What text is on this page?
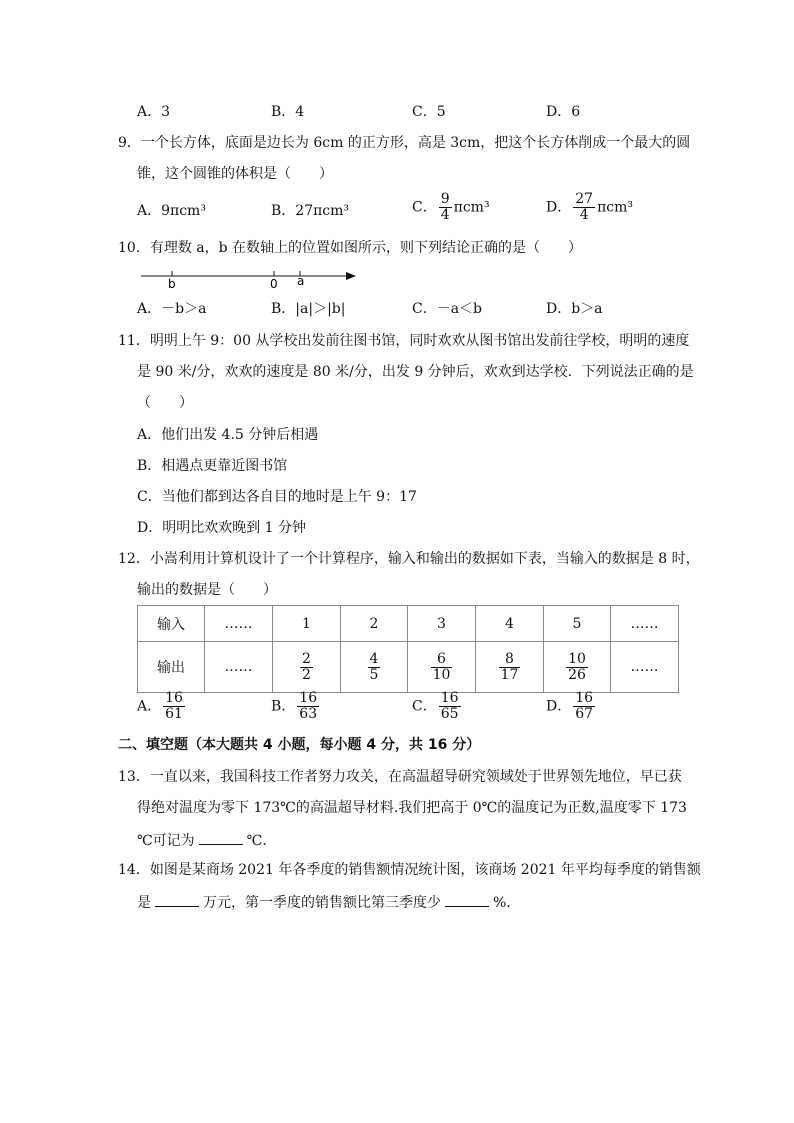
A．3	B．4	C．5	D．6
9．一个长方体，底面是边长为 6cm 的正方形，高是 3cm，把这个长方体削成一个最大的圆
锥，这个圆锥的体积是（　　）
A．9πcm³	B．27πcm³	C． $\frac{9}{4} \pi cm^3$	D． $\frac{27}{4} \pi cm^3$
10．有理数 a，b 在数轴上的位置如图所示，则下列结论正确的是（　　）
b	0 a
A．－b＞a	B．|a|＞|b|	C．－a＜b	D．b＞a
11．明明上午 9：00 从学校出发前往图书馆，同时欢欢从图书馆出发前往学校，明明的速度
是 90 米/分，欢欢的速度是 80 米/分，出发 9 分钟后，欢欢到达学校．下列说法正确的是
（　　）
A．他们出发 4.5 分钟后相遇
B．相遇点更靠近图书馆
C．当他们都到达各自目的地时是上午 9：17
D．明明比欢欢晚到 1 分钟
12．小嵩利用计算机设计了一个计算程序，输入和输出的数据如下表，当输入的数据是 8 时，
输出的数据是（　　）
输入	……	1	2	3	4	5	……
输出	……	$\frac{2}{2}$	$\frac{4}{5}$	$\frac{6}{10}$	$\frac{8}{17}$	$\frac{10}{26}$	……
A． $\frac{16}{61}$	B． $\frac{16}{63}$	C． $\frac{16}{65}$	D． $\frac{16}{67}$
二、填空题（本大题共 4 小题，每小题 4 分，共 16 分）
13．一直以来，我国科技工作者努力攻关，在高温超导研究领域处于世界领先地位，早已获
得绝对温度为零下 173℃的高温超导材料.我们把高于 0℃的温度记为正数,温度零下 173
℃可记为	℃．
14．如图是某商场 2021 年各季度的销售额情况统计图，该商场 2021 年平均每季度的销售额
是	万元，第一季度的销售额比第三季度少	%．
